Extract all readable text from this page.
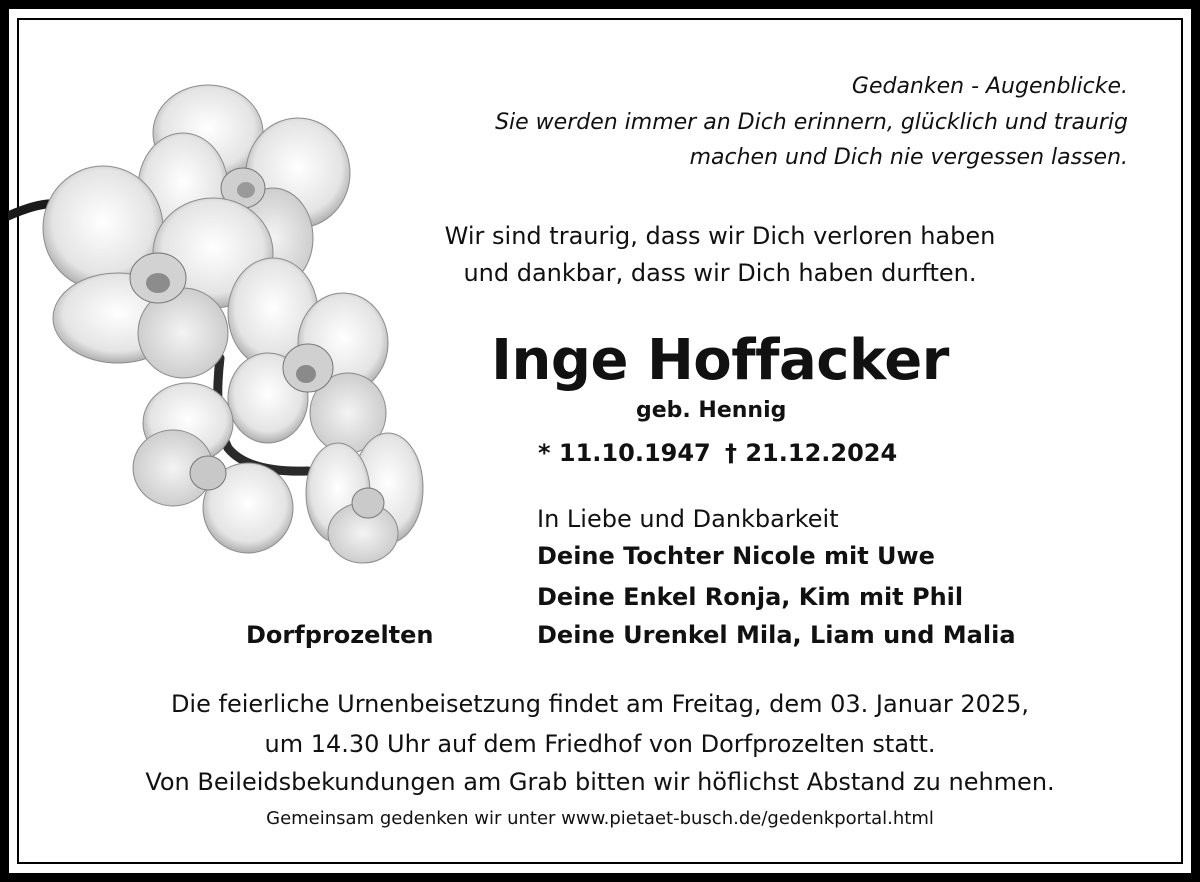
Gedanken - Augenblicke.
Sie werden immer an Dich erinnern, glücklich und traurig
machen und Dich nie vergessen lassen.
Wir sind traurig, dass wir Dich verloren haben
und dankbar, dass wir Dich haben durften.
Inge Hoffacker
geb. Hennig
* 11.10.1947 † 21.12.2024
In Liebe und Dankbarkeit
Deine Tochter Nicole mit Uwe
Deine Enkel Ronja, Kim mit Phil
Deine Urenkel Mila, Liam und Malia
Dorfprozelten
Die feierliche Urnenbeisetzung findet am Freitag, dem 03. Januar 2025,
um 14.30 Uhr auf dem Friedhof von Dorfprozelten statt.
Von Beileidsbekundungen am Grab bitten wir höflichst Abstand zu nehmen.
Gemeinsam gedenken wir unter www.pietaet-busch.de/gedenkportal.html
